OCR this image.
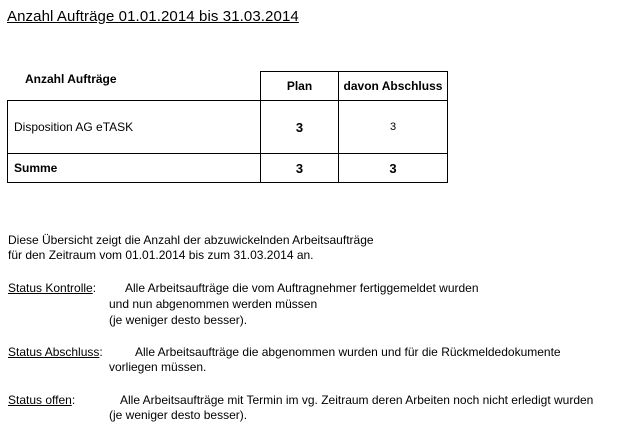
Anzahl Aufträge 01.01.2014 bis 31.03.2014
	Plan	davon Abschluss
Disposition AG eTASK	3	3
Summe	3	3
Anzahl Aufträge
Diese Übersicht zeigt die Anzahl der abzuwickelnden Arbeitsaufträge
für den Zeitraum vom 01.01.2014 bis zum 31.03.2014 an.
Status Kontrolle: Alle Arbeitsaufträge die vom Auftragnehmer fertiggemeldet wurden
und nun abgenommen werden müssen
(je weniger desto besser).
Status Abschluss:	Alle Arbeitsaufträge die abgenommen wurden und für die Rückmeldedokumente
vorliegen müssen.
Status offen:	Alle Arbeitsaufträge mit Termin im vg. Zeitraum deren Arbeiten noch nicht erledigt wurden
(je weniger desto besser).
